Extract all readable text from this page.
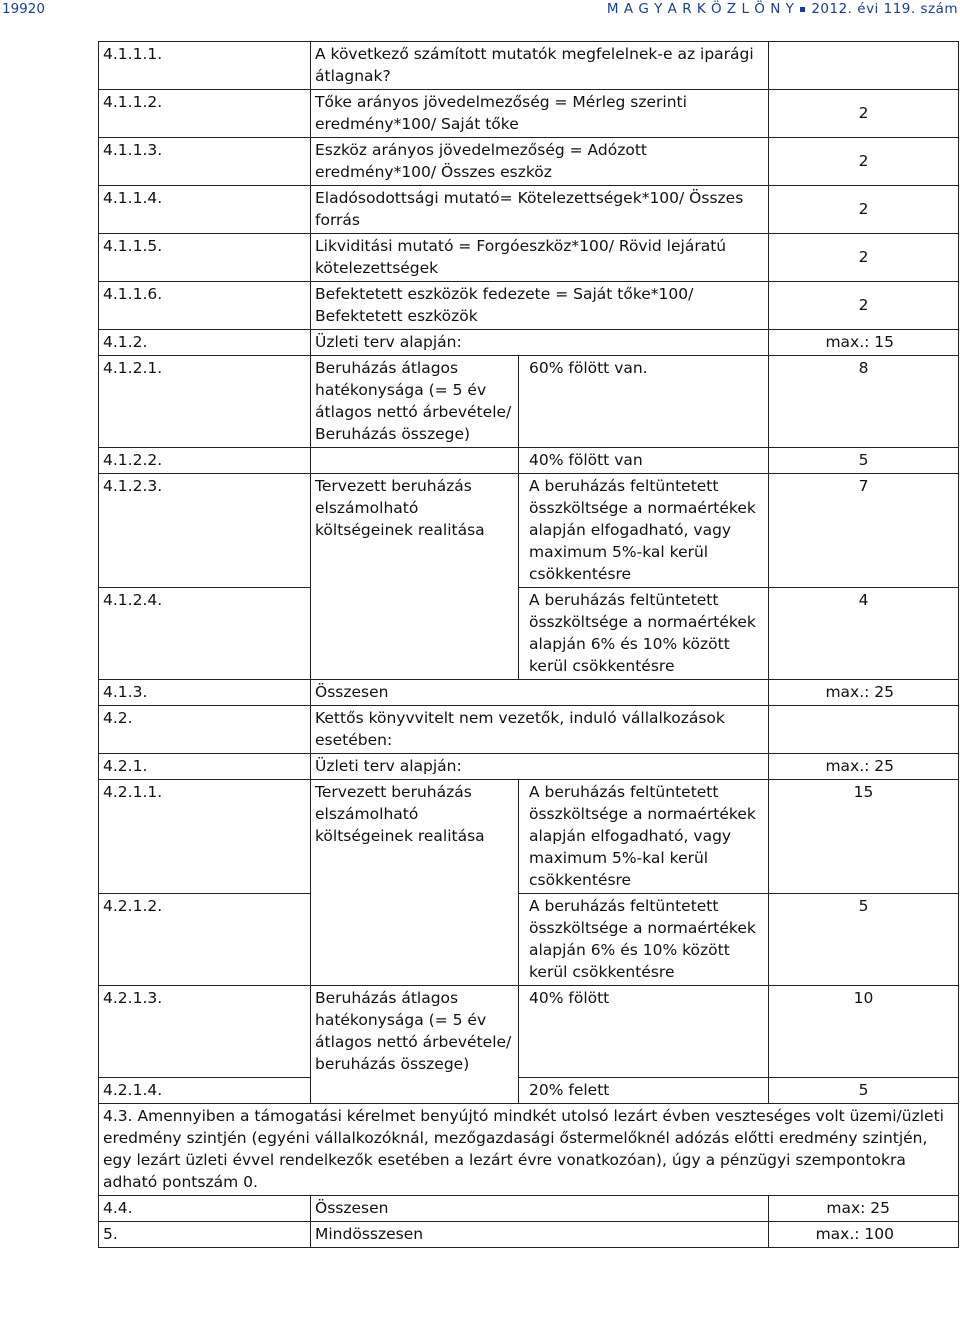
19920	M A G Y A R K Ö Z L Ö N Y 2012. évi 119. szám
4.1.1.1.	A következő számított mutatók megfelelnek-e az iparági átlagnak?		
4.1.1.2.	Tőke arányos jövedelmezőség = Mérleg szerinti eredmény*100/ Saját tőke		2
4.1.1.3.	Eszköz arányos jövedelmezőség = Adózott eredmény*100/ Összes eszköz		2
4.1.1.4.	Eladósodottsági mutató= Kötelezettségek*100/ Összes forrás		2
4.1.1.5.	Likviditási mutató = Forgóeszköz*100/ Rövid lejáratú kötelezettségek		2
4.1.1.6.	Befektetett eszközök fedezete = Saját tőke*100/ Befektetett eszközök		2
4.1.2.	Üzleti terv alapján:		max.: 15
4.1.2.1.	Beruházás átlagos hatékonysága (= 5 év átlagos nettó árbevétele/ Beruházás összege)	60% fölött van.	8
4.1.2.2.		40% fölött van	5
4.1.2.3.	Tervezett beruházás elszámolható költségeinek realitása	A beruházás feltüntetett összköltsége a normaértékek alapján elfogadható, vagy maximum 5%-kal kerül csökkentésre	7
4.1.2.4.		A beruházás feltüntetett összköltsége a normaértékek alapján 6% és 10% között kerül csökkentésre	4
4.1.3.	Összesen		max.: 25
4.2.	Kettős könyvvitelt nem vezetők, induló vállalkozások esetében:		
4.2.1.	Üzleti terv alapján:		max.: 25
4.2.1.1.	Tervezett beruházás elszámolható költségeinek realitása	A beruházás feltüntetett összköltsége a normaértékek alapján elfogadható, vagy maximum 5%-kal kerül csökkentésre	15
4.2.1.2.		A beruházás feltüntetett összköltsége a normaértékek alapján 6% és 10% között kerül csökkentésre	5
4.2.1.3.	Beruházás átlagos hatékonysága (= 5 év átlagos nettó árbevétele/ beruházás összege)	40% fölött	10
4.2.1.4.		20% felett	5
4.3. Amennyiben a támogatási kérelmet benyújtó mindkét utolsó lezárt évben veszteséges volt üzemi/üzleti eredmény szintjén (egyéni vállalkozóknál, mezőgazdasági őstermelőknél adózás előtti eredmény szintjén, egy lezárt üzleti évvel rendelkezők esetében a lezárt évre vonatkozóan), úgy a pénzügyi szempontokra adható pontszám 0.			
4.4.	Összesen		max: 25
5.	Mindösszesen		max.: 100
